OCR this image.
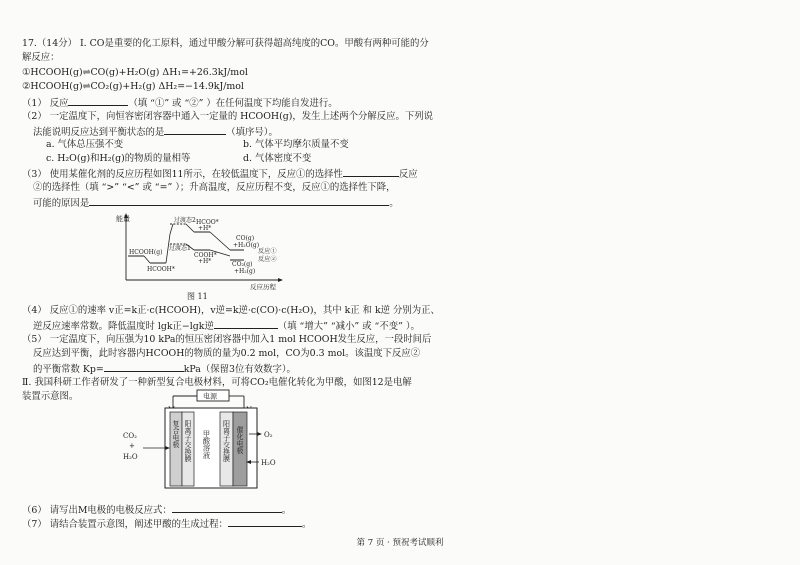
17.（14分） Ⅰ. CO是重要的化工原料，通过甲酸分解可获得超高纯度的CO。甲酸有两种可能的分
解反应：
①HCOOH(g)⇌CO(g)+H₂O(g) ΔH₁=+26.3kJ/mol
②HCOOH(g)⇌CO₂(g)+H₂(g) ΔH₂=−14.9kJ/mol
（1） 反应	（填 “①” 或 “②” ）在任何温度下均能自发进行。
（2） 一定温度下，向恒容密闭容器中通入一定量的 HCOOH(g)，发生上述两个分解反应。下列说
法能说明反应达到平衡状态的是	（填序号）。
a. 气体总压强不变	b. 气体平均摩尔质量不变
c. H₂O(g)和H₂(g)的物质的量相等	d. 气体密度不变
（3） 使用某催化剂的反应历程如图11所示，在较低温度下，反应①的选择性	反应
②的选择性（填 “>” “<” 或 “=” ）；升高温度，反应历程不变，反应①的选择性下降，
可能的原因是	。
能量
HCOOH(g)
HCOOH*
过渡态2
过渡态1
HCOO*
+H*
COOH*
+H*
CO(g)
+H₂O(g)
CO₂(g)
+H₂(g)
反应①
反应②
反应历程
图 11
（4） 反应①的速率 v正=k正·c(HCOOH)，v逆=k逆·c(CO)·c(H₂O)，其中 k正 和 k逆 分别为正、
逆反应速率常数。降低温度时 lgk正−lgk逆	（填 “增大” “减小” 或 “不变” ）。
（5） 一定温度下，向压强为10 kPa的恒压密闭容器中加入1 mol HCOOH发生反应，一段时间后
反应达到平衡，此时容器内HCOOH的物质的量为0.2 mol，CO为0.3 mol。该温度下反应②
的平衡常数 Kp=	kPa（保留3位有效数字）。
Ⅱ. 我国科研工作者研发了一种新型复合电极材料，可将CO₂电催化转化为甲酸，如图12是电解
装置示意图。	电源
复合电极 阳离子交换膜 甲酸溶液 阳离子交换膜 催化电极
CO₂
+
H₂O
O₂
H₂O
（6） 请写出M电极的电极反应式：	。
（7） 请结合装置示意图，阐述甲酸的生成过程：	。
第 7 页 · 预祝考试顺利
